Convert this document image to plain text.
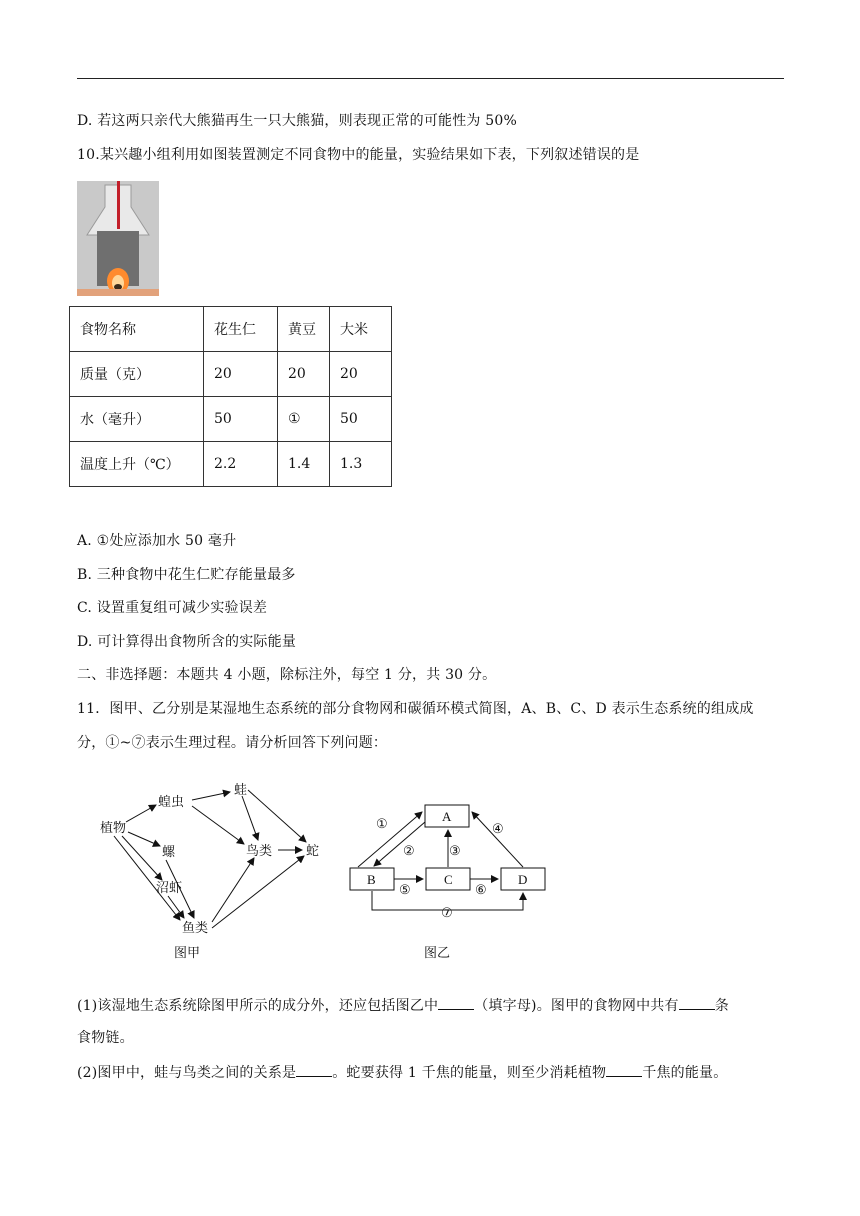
D. 若这两只亲代大熊猫再生一只大熊猫，则表现正常的可能性为 50%
10.某兴趣小组利用如图装置测定不同食物中的能量，实验结果如下表，下列叙述错误的是
食物名称	花生仁	黄豆	大米
质量（克）	20	20	20
水（毫升）	50	①	50
温度上升（℃）	2.2	1.4	1.3
A. ①处应添加水 50 毫升
B. 三种食物中花生仁贮存能量最多
C. 设置重复组可减少实验误差
D. 可计算得出食物所含的实际能量
二、非选择题：本题共 4 小题，除标注外，每空 1 分，共 30 分。
11．图甲、乙分别是某湿地生态系统的部分食物网和碳循环模式简图，A、B、C、D 表示生态系统的组成成
分，①~⑦表示生理过程。请分析回答下列问题：
植物
蝗虫
蛙
螺	鸟类	蛇
沼虾
鱼类
图甲
A
B	C	D
①
②	③
④
⑤	⑥
⑦
图乙
(1)该湿地生态系统除图甲所示的成分外，还应包括图乙中	（填字母)。图甲的食物网中共有	条
食物链。
(2)图甲中，蛙与鸟类之间的关系是	。蛇要获得 1 千焦的能量，则至少消耗植物	千焦的能量。
